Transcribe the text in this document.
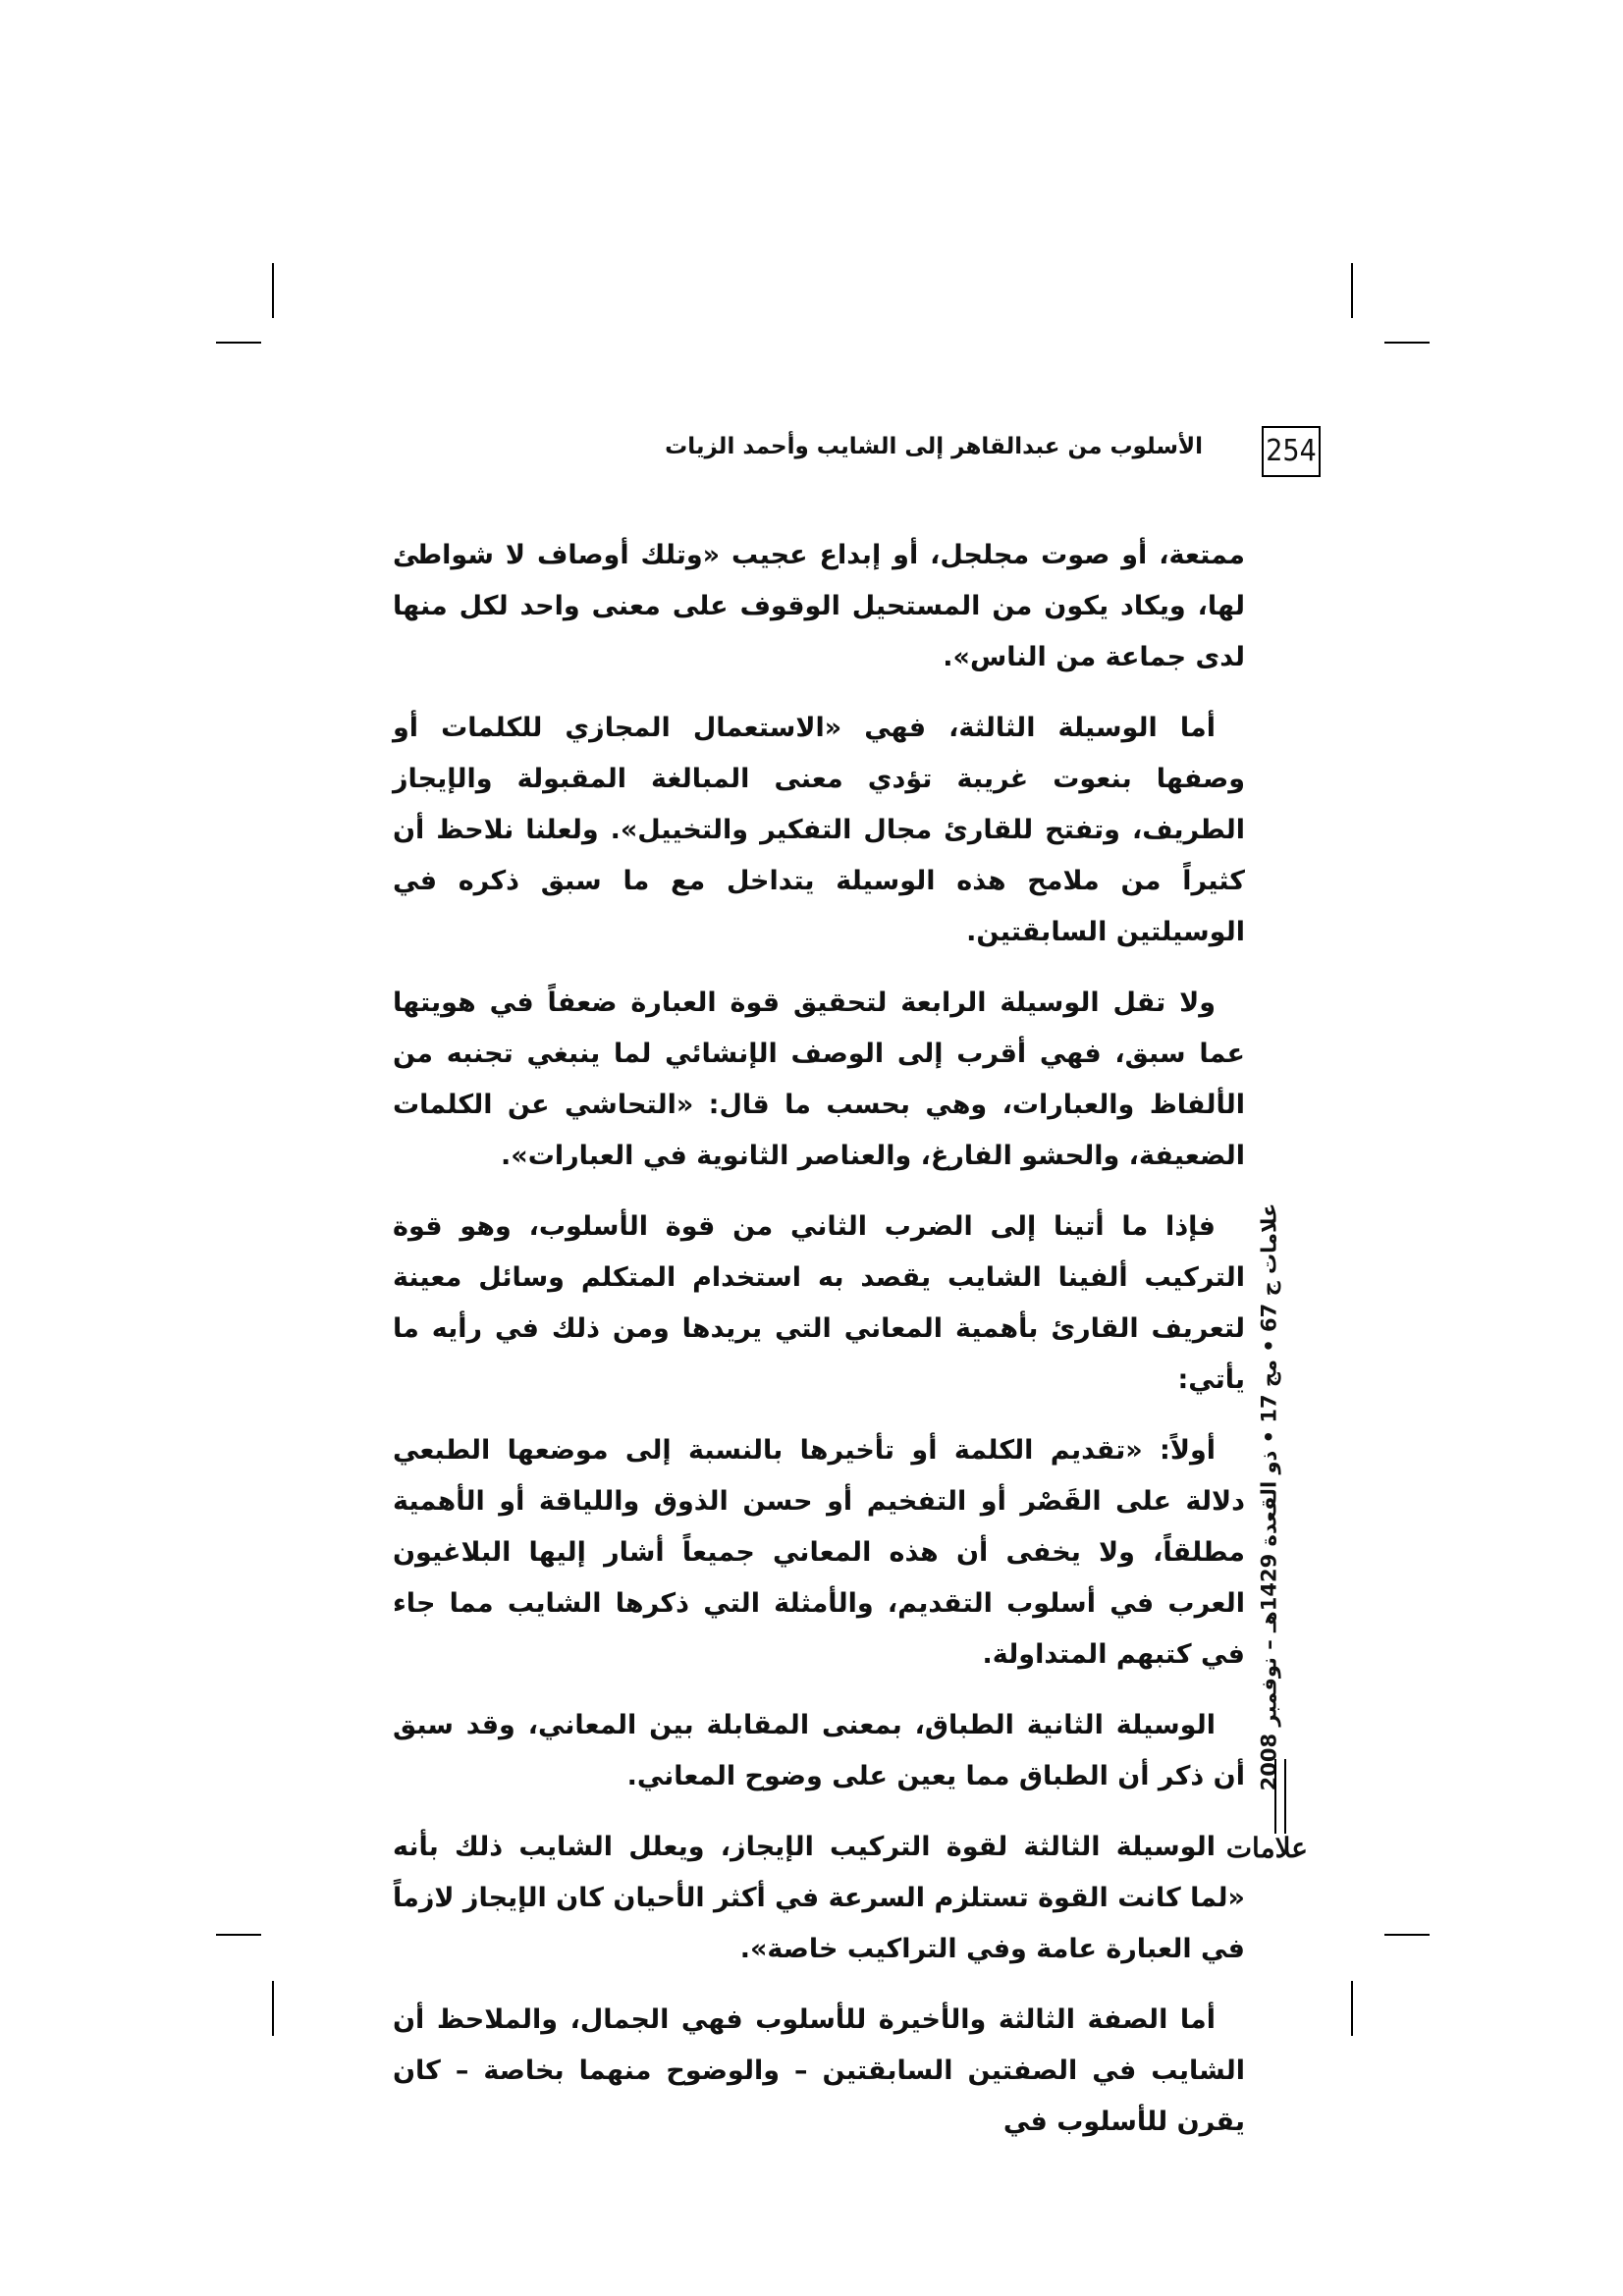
254
الأسلوب من عبدالقاهر إلى الشايب وأحمد الزيات

ممتعة، أو صوت مجلجل، أو إبداع عجيب «وتلك أوصاف لا شواطئ لها، ويكاد يكون من المستحيل الوقوف على معنى واحد لكل منها لدى جماعة من الناس».

أما الوسيلة الثالثة، فهي «الاستعمال المجازي للكلمات أو وصفها بنعوت غريبة تؤدي معنى المبالغة المقبولة والإيجاز الطريف، وتفتح للقارئ مجال التفكير والتخييل». ولعلنا نلاحظ أن كثيراً من ملامح هذه الوسيلة يتداخل مع ما سبق ذكره في الوسيلتين السابقتين.

ولا تقل الوسيلة الرابعة لتحقيق قوة العبارة ضعفاً في هويتها عما سبق، فهي أقرب إلى الوصف الإنشائي لما ينبغي تجنبه من الألفاظ والعبارات، وهي بحسب ما قال: «التحاشي عن الكلمات الضعيفة، والحشو الفارغ، والعناصر الثانوية في العبارات».

فإذا ما أتينا إلى الضرب الثاني من قوة الأسلوب، وهو قوة التركيب ألفينا الشايب يقصد به استخدام المتكلم وسائل معينة لتعريف القارئ بأهمية المعاني التي يريدها ومن ذلك في رأيه ما يأتي:

أولاً: «تقديم الكلمة أو تأخيرها بالنسبة إلى موضعها الطبعي دلالة على القَصْر أو التفخيم أو حسن الذوق واللياقة أو الأهمية مطلقاً، ولا يخفى أن هذه المعاني جميعاً أشار إليها البلاغيون العرب في أسلوب التقديم، والأمثلة التي ذكرها الشايب مما جاء في كتبهم المتداولة.

الوسيلة الثانية الطباق، بمعنى المقابلة بين المعاني، وقد سبق أن ذكر أن الطباق مما يعين على وضوح المعاني.

الوسيلة الثالثة لقوة التركيب الإيجاز، ويعلل الشايب ذلك بأنه «لما كانت القوة تستلزم السرعة في أكثر الأحيان كان الإيجاز لازماً في العبارة عامة وفي التراكيب خاصة».

أما الصفة الثالثة والأخيرة للأسلوب فهي الجمال، والملاحظ أن الشايب في الصفتين السابقتين – والوضوح منهما بخاصة – كان يقرن للأسلوب في

علامات ج 67 • مج 17 • ذو القعدة 1429هـ – نوفمبر 2008
علامات
